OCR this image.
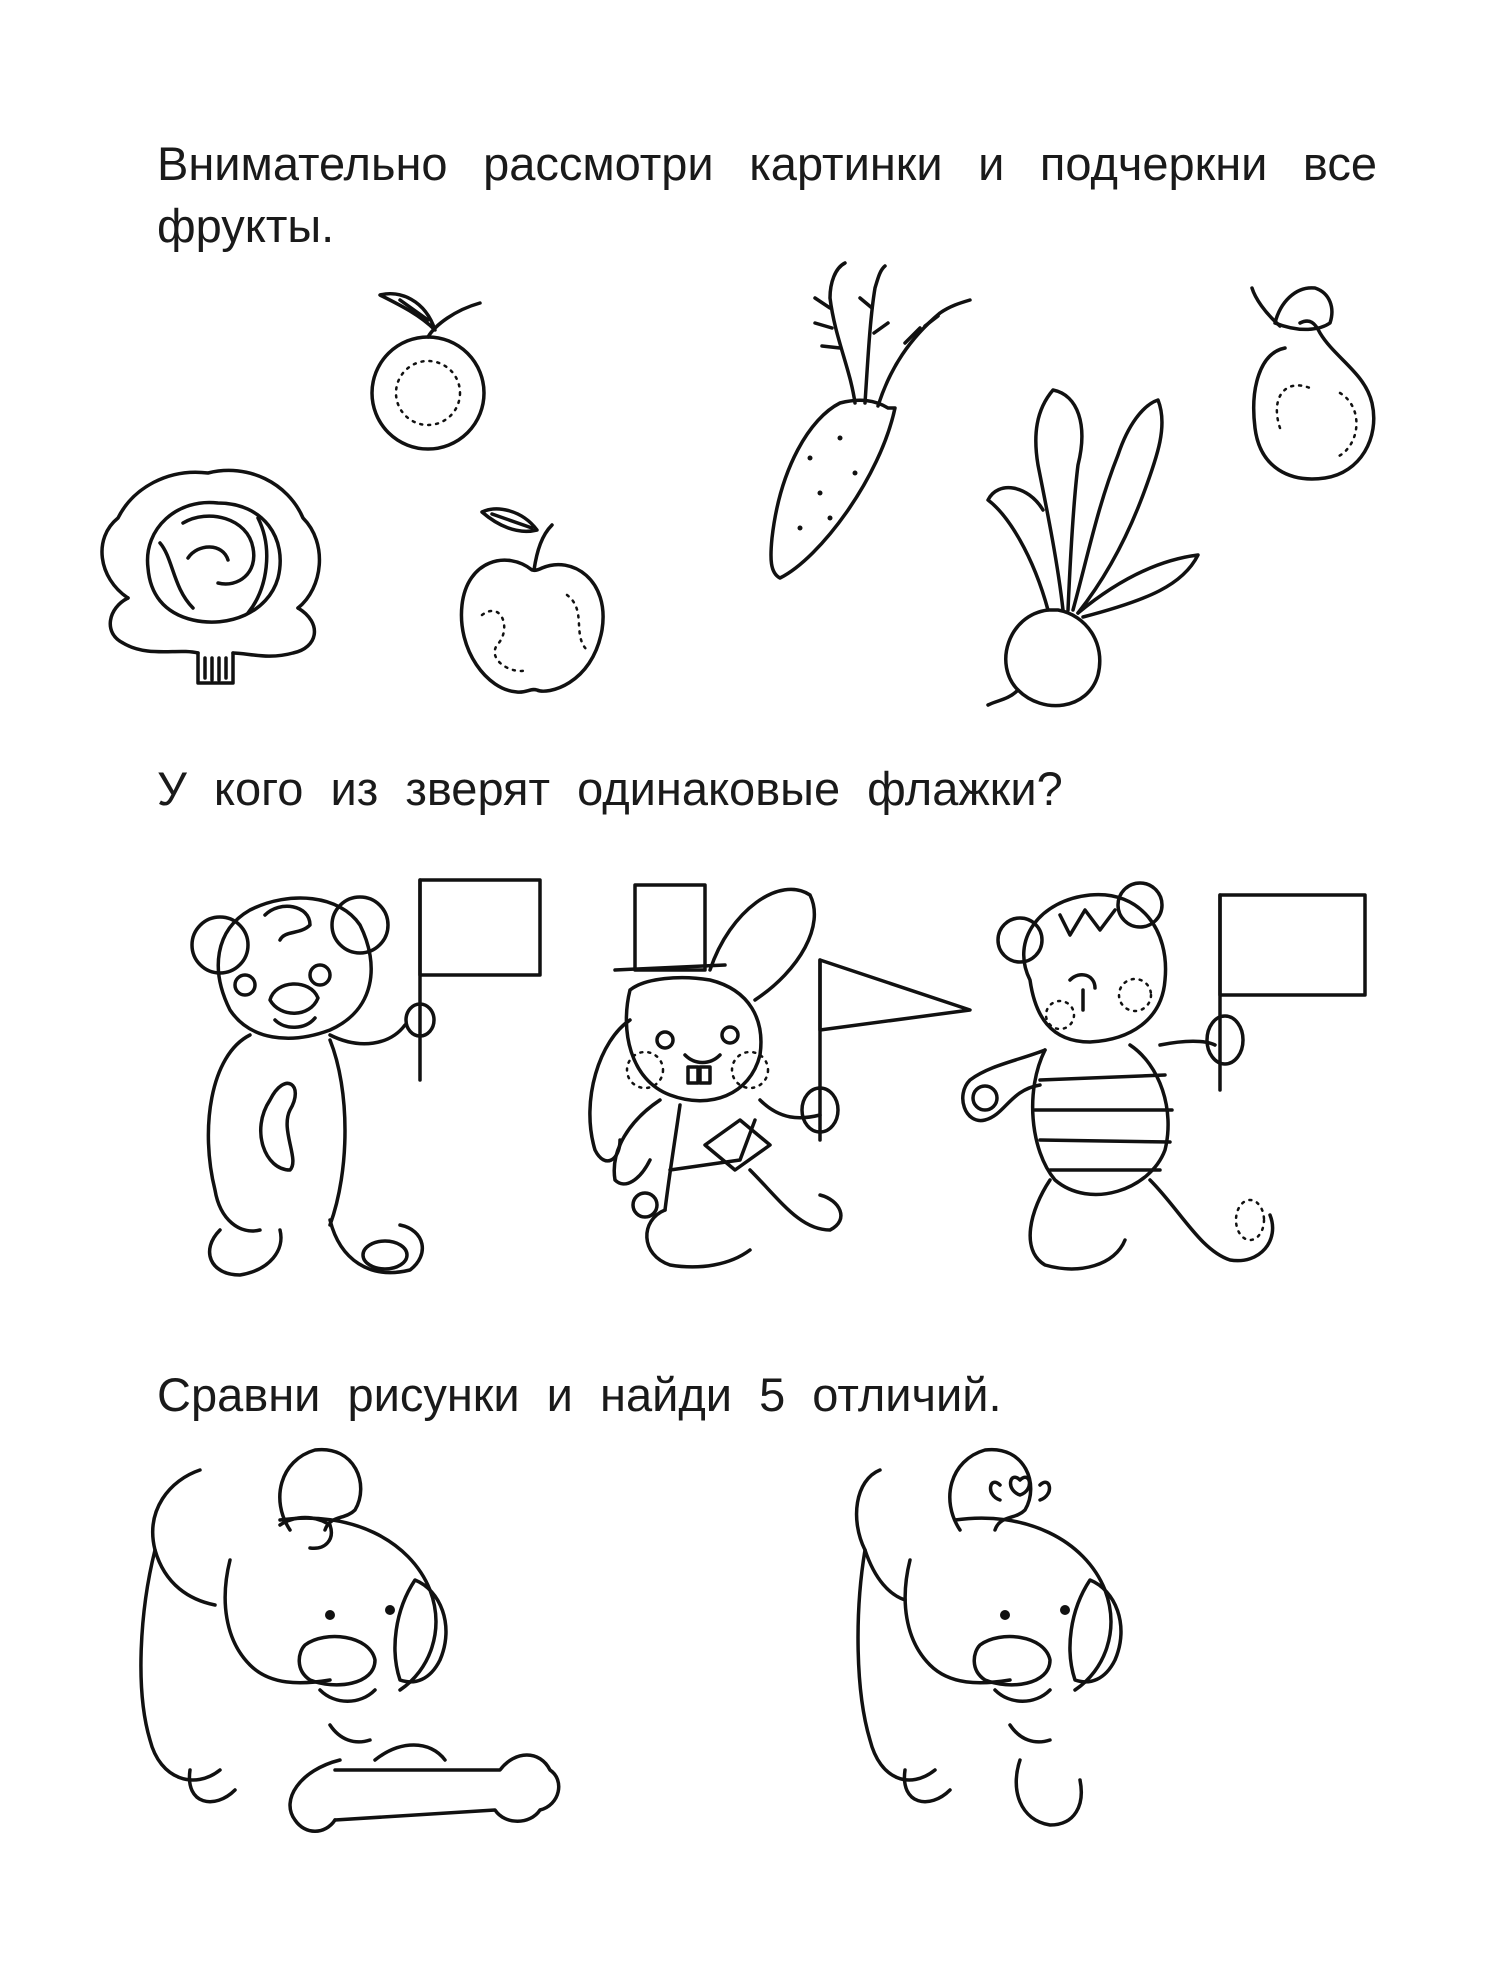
Внимательно рассмотри картинки и подчеркни все фрукты.

У кого из зверят одинаковые флажки?

Сравни рисунки и найди 5 отличий.
